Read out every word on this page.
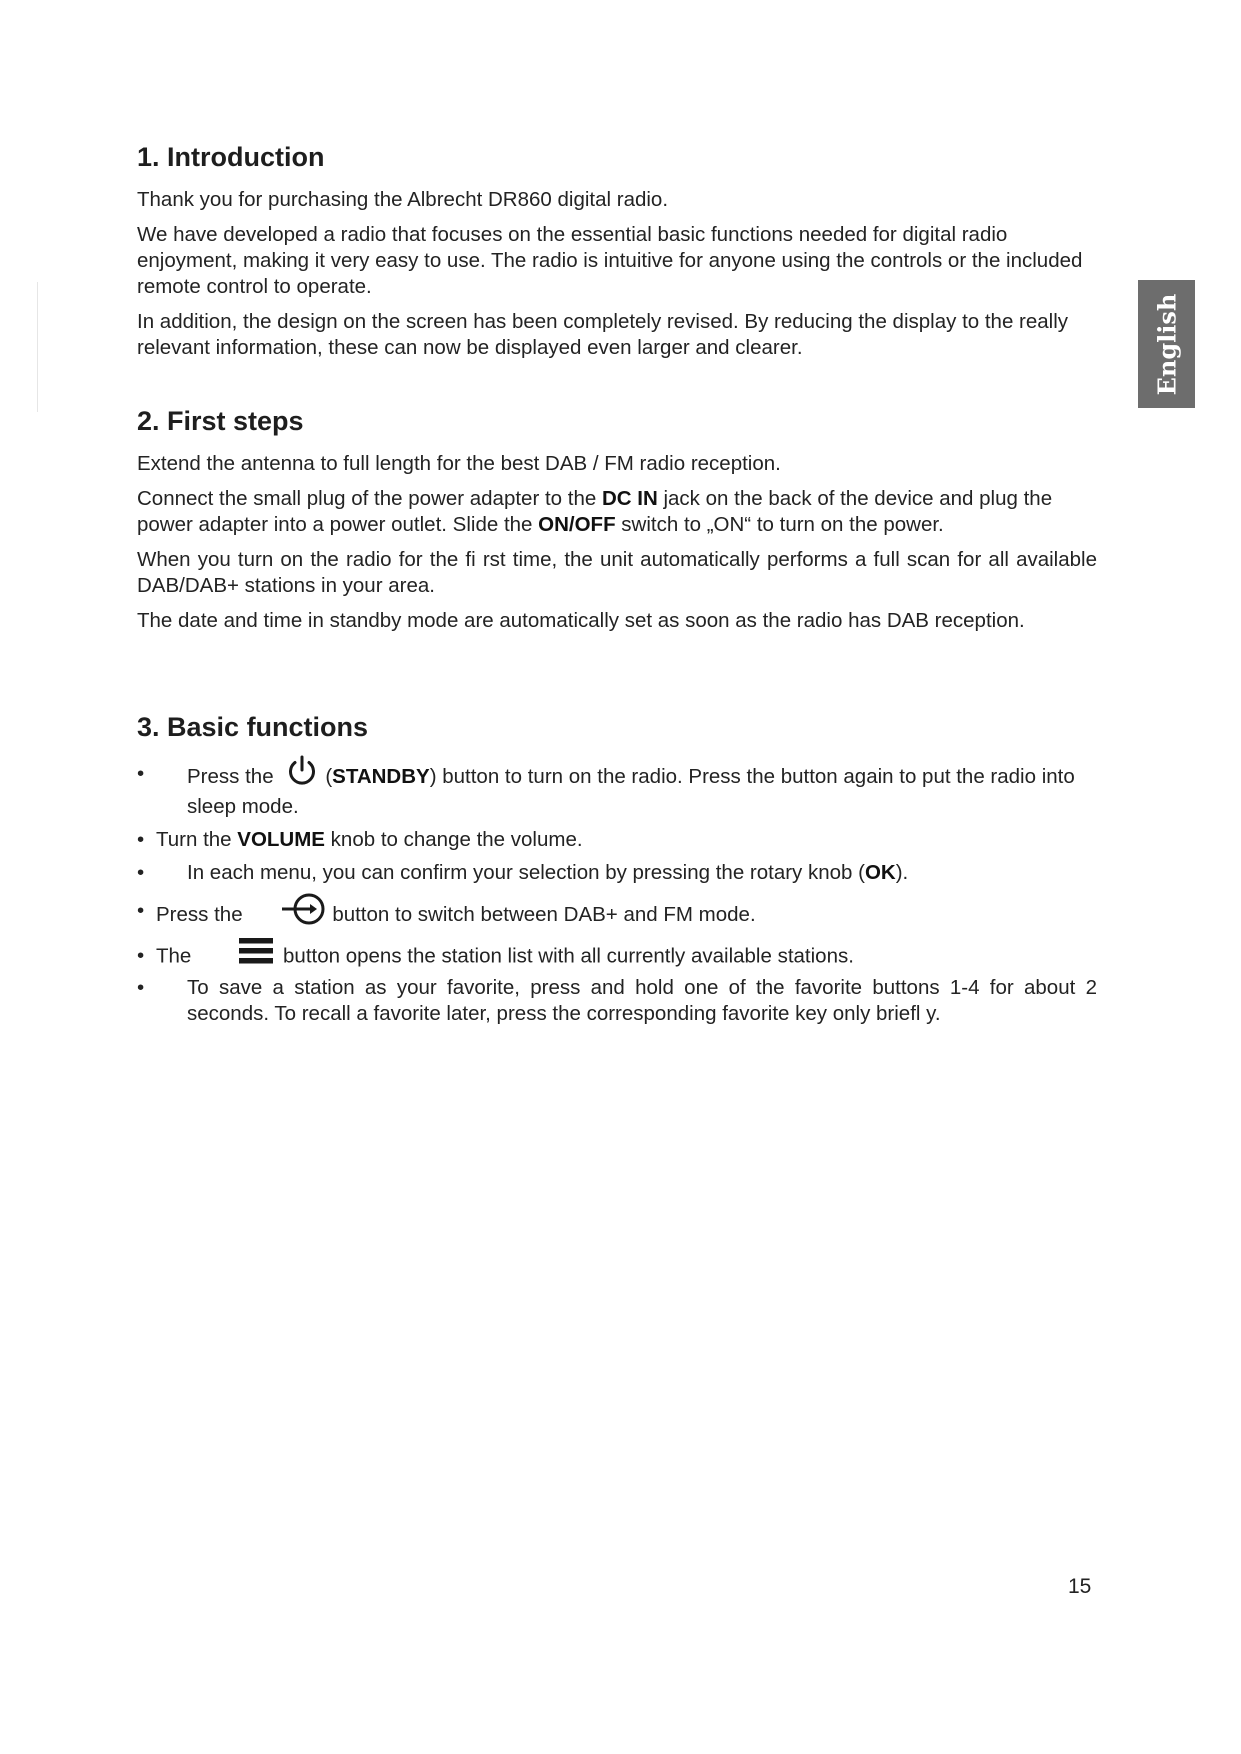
English
1. Introduction

Thank you for purchasing the Albrecht DR860 digital radio.

We have developed a radio that focuses on the essential basic functions needed for digital radio enjoyment, making it very easy to use. The radio is intuitive for anyone using the controls or the included remote control to operate.

In addition, the design on the screen has been completely revised. By reducing the display to the really relevant information, these can now be displayed even larger and clearer.

2. First steps

Extend the antenna to full length for the best DAB / FM radio reception.

Connect the small plug of the power adapter to the DC IN jack on the back of the device and plug the power adapter into a power outlet. Slide the ON/OFF switch to „ON“ to turn on the power.

When you turn on the radio for the fi rst time, the unit automatically performs a full scan for all available DAB/DAB+ stations in your area.

The date and time in standby mode are automatically set as soon as the radio has DAB reception.

3. Basic functions
•	Press the	(STANDBY) button to turn on the radio. Press the button again to put the radio into sleep mode.
• Turn the VOLUME knob to change the volume.
•	In each menu, you can confirm your selection by pressing the rotary knob (OK).
• Press the	button to switch between DAB+ and FM mode.
• The	button opens the station list with all currently available stations.
•	To save a station as your favorite, press and hold one of the favorite buttons 1-4 for about 2 seconds. To recall a favorite later, press the corresponding favorite key only briefl y.
15
